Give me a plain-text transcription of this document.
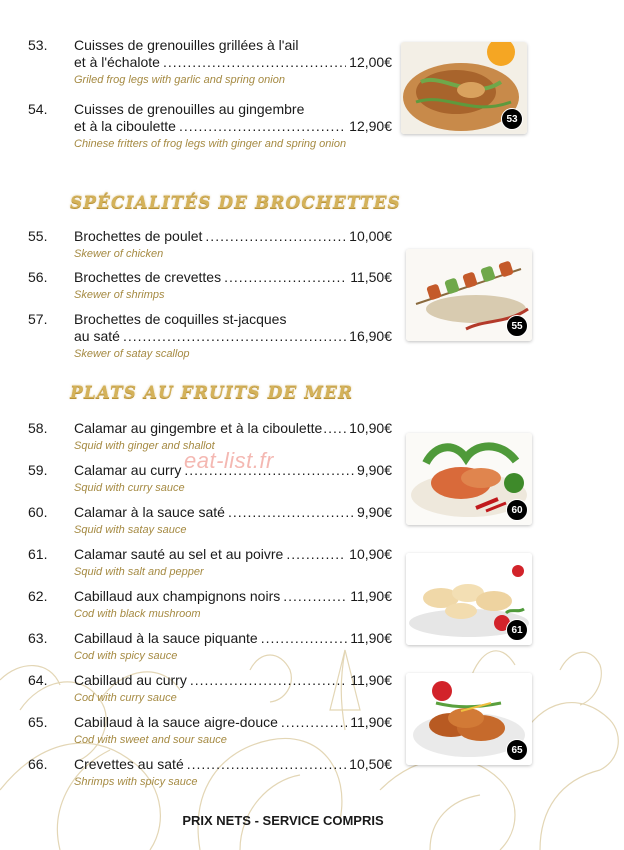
53. Cuisses de grenouilles grillées à l'ail
et à l'échalote .....	12,00€
Griled frog legs with garlic and spring onion
54. Cuisses de grenouilles au gingembre
et à la ciboulette .....	12,90€
Chinese fritters of frog legs with ginger and spring onion
SPÉCIALITÉS DE BROCHETTES
55. Brochettes de poulet .....	10,00€
Skewer of chicken
56. Brochettes de crevettes .....	11,50€
Skewer of shrimps
57. Brochettes de coquilles st-jacques
au saté .....	16,90€
Skewer of satay scallop
PLATS AU FRUITS DE MER
58. Calamar au gingembre et à la ciboulette ..... 10,90€
Squid with ginger and shallot
59. Calamar au curry .....	9,90€
Squid with curry sauce
60. Calamar à la sauce saté .....	9,90€
Squid with satay sauce
61. Calamar sauté au sel et au poivre .....	10,90€
Squid with salt and pepper
62. Cabillaud aux champignons noirs .....	11,90€
Cod with black mushroom
63. Cabillaud à la sauce piquante .....	11,90€
Cod with spicy sauce
64. Cabillaud au curry .....	11,90€
Cod with curry sauce
65. Cabillaud à la sauce aigre-douce .....	11,90€
Cod with sweet and sour sauce
66. Crevettes au saté .....	10,50€
Shrimps with spicy sauce
53
55
60
61
65
eat-list.fr
PRIX NETS - SERVICE COMPRIS
